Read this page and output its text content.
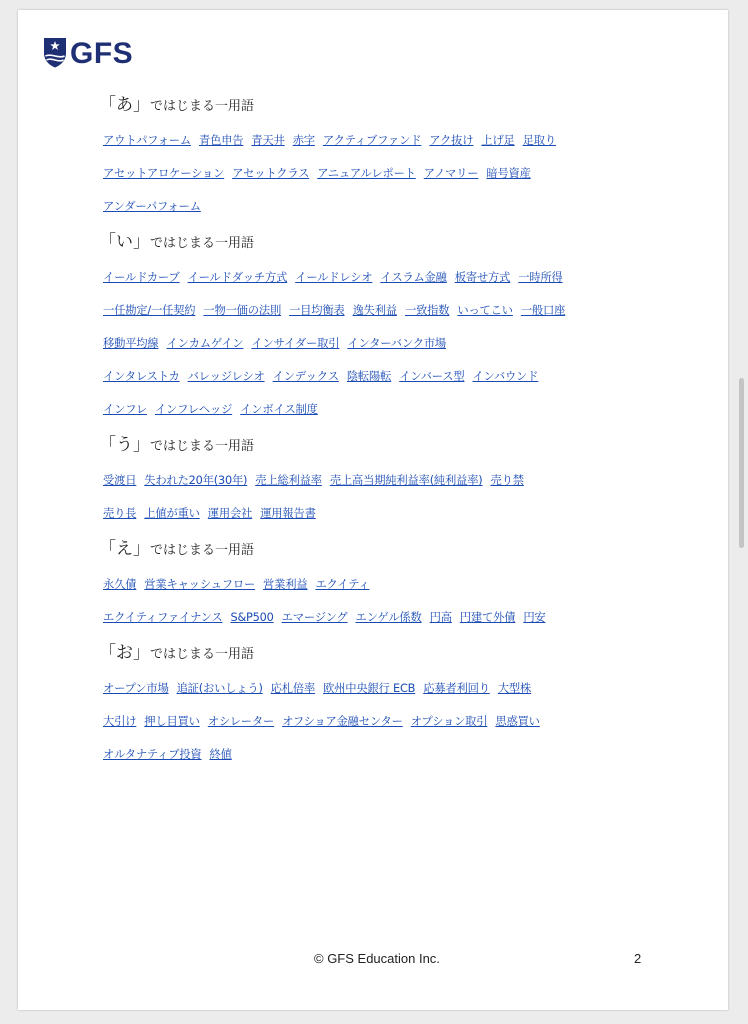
GFS
「あ」ではじまる一用語
アウトパフォーム 青色申告 青天井 赤字 アクティブファンド アク抜け 上げ足 足取り
アセットアロケーション アセットクラス アニュアルレポート アノマリー 暗号資産
アンダーパフォーム
「い」ではじまる一用語
イールドカーブ イールドダッチ方式 イールドレシオ イスラム金融 板寄せ方式 一時所得
一任勘定/一任契約 一物一価の法則 一目均衡表 逸失利益 一致指数 いってこい 一般口座
移動平均線 インカムゲイン インサイダー取引 インターバンク市場
インタレストカ バレッジレシオ インデックス 陰転陽転 インバース型 インバウンド
インフレ インフレヘッジ インボイス制度
「う」ではじまる一用語
受渡日 失われた20年(30年) 売上総利益率 売上高当期純利益率(純利益率) 売り禁
売り長 上値が重い 運用会社 運用報告書
「え」ではじまる一用語
永久債 営業キャッシュフロー 営業利益 エクイティ
エクイティファイナンス S&P500 エマージング エンゲル係数 円高 円建て外債 円安
「お」ではじまる一用語
オープン市場 追証(おいしょう) 応札倍率 欧州中央銀行 ECB 応募者利回り 大型株
大引け 押し目買い オシレーター オフショア金融センター オプション取引 思惑買い
オルタナティブ投資 終値
© GFS Education Inc.	2
